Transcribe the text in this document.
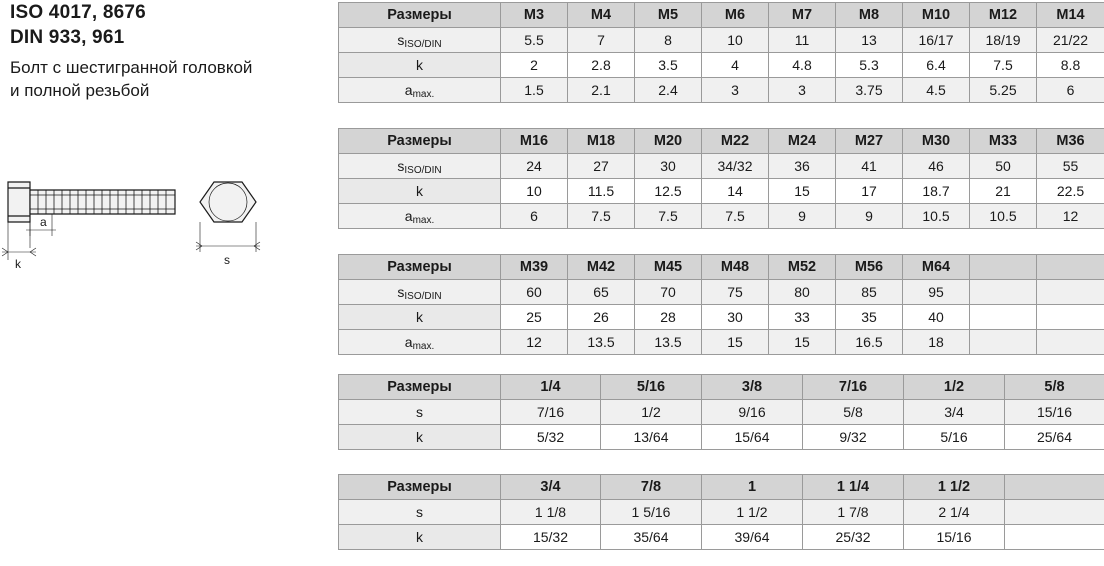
ISO 4017, 8676
DIN 933, 961
Болт с шестигранной головкой
и полной резьбой
k
a
s
Размеры	M3	M4	M5	M6	M7	M8	M10	M12	M14
sISO/DIN	5.5	7	8	10	11	13	16/17	18/19	21/22
k	2	2.8	3.5	4	4.8	5.3	6.4	7.5	8.8
amax.	1.5	2.1	2.4	3	3	3.75	4.5	5.25	6
Размеры	M16	M18	M20	M22	M24	M27	M30	M33	M36
sISO/DIN	24	27	30	34/32	36	41	46	50	55
k	10	11.5	12.5	14	15	17	18.7	21	22.5
amax.	6	7.5	7.5	7.5	9	9	10.5	10.5	12
Размеры	M39	M42	M45	M48	M52	M56	M64		
sISO/DIN	60	65	70	75	80	85	95		
k	25	26	28	30	33	35	40		
amax.	12	13.5	13.5	15	15	16.5	18		
Размеры	1/4	5/16	3/8	7/16	1/2	5/8
s	7/16	1/2	9/16	5/8	3/4	15/16
k	5/32	13/64	15/64	9/32	5/16	25/64
Размеры	3/4	7/8	1	1 1/4	1 1/2	
s	1 1/8	1 5/16	1 1/2	1 7/8	2 1/4	
k	15/32	35/64	39/64	25/32	15/16	
